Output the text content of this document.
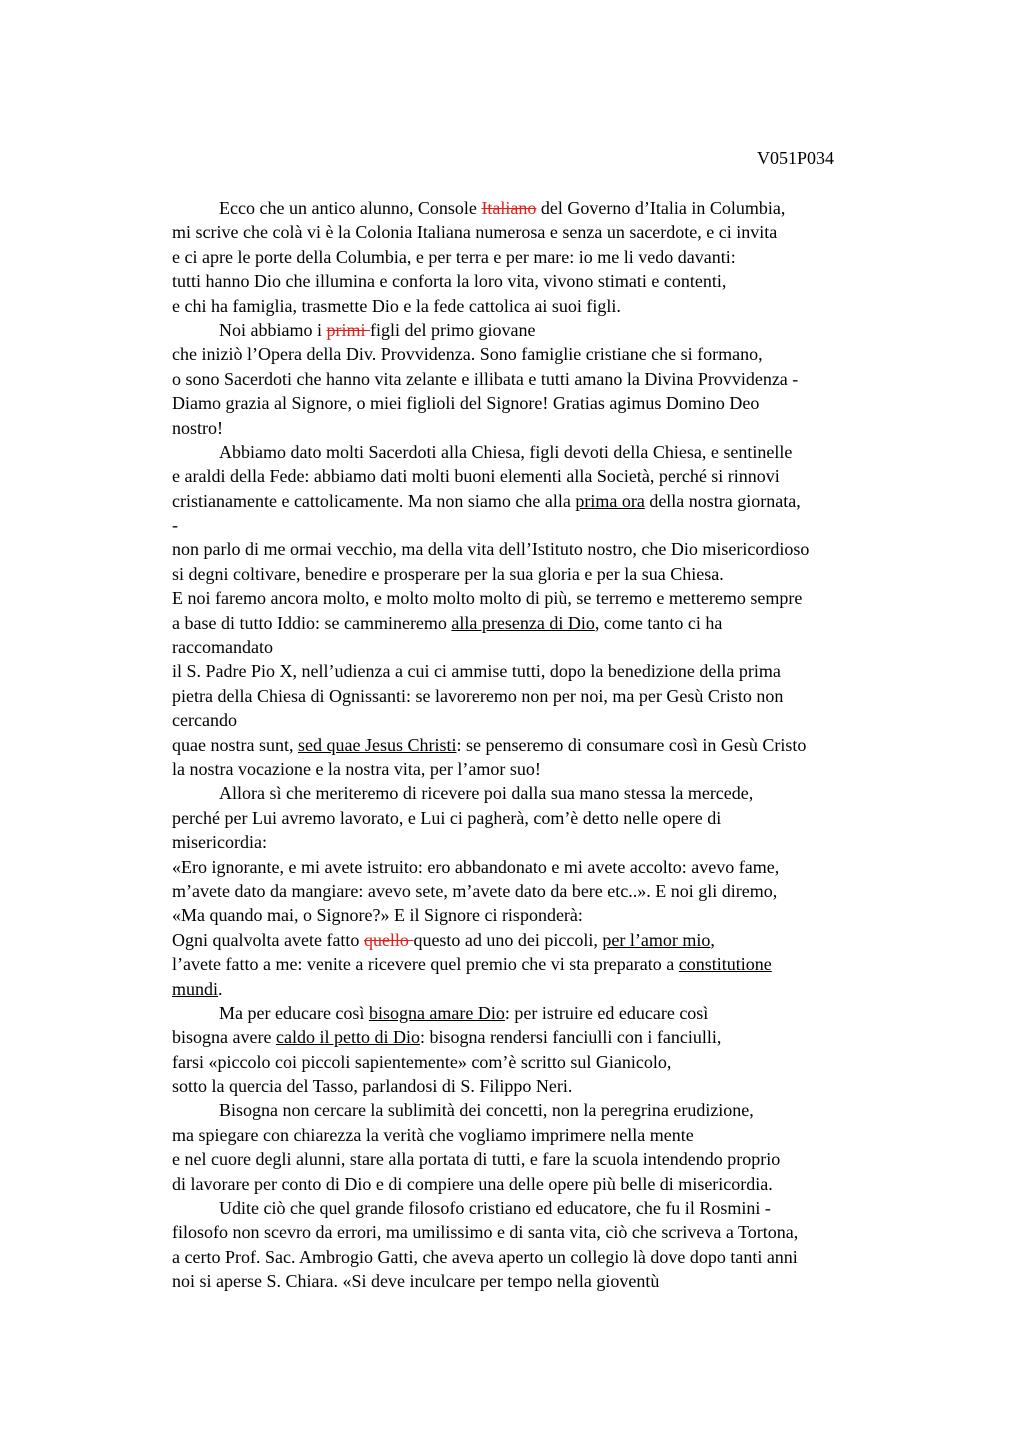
V051P034
Ecco che un antico alunno, Console Italiano del Governo d’Italia in Columbia,
mi scrive che colà vi è la Colonia Italiana numerosa e senza un sacerdote, e ci invita
e ci apre le porte della Columbia, e per terra e per mare: io me li vedo davanti:
tutti hanno Dio che illumina e conforta la loro vita, vivono stimati e contenti,
e chi ha famiglia, trasmette Dio e la fede cattolica ai suoi figli.
Noi abbiamo i primi figli del primo giovane
che iniziò l’Opera della Div. Provvidenza. Sono famiglie cristiane che si formano,
o sono Sacerdoti che hanno vita zelante e illibata e tutti amano la Divina Provvidenza -
Diamo grazia al Signore, o miei figlioli del Signore! Gratias agimus Domino Deo
nostro!
Abbiamo dato molti Sacerdoti alla Chiesa, figli devoti della Chiesa, e sentinelle
e araldi della Fede: abbiamo dati molti buoni elementi alla Società, perché si rinnovi
cristianamente e cattolicamente. Ma non siamo che alla prima ora della nostra giornata,
-
non parlo di me ormai vecchio, ma della vita dell’Istituto nostro, che Dio misericordioso
si degni coltivare, benedire e prosperare per la sua gloria e per la sua Chiesa.
E noi faremo ancora molto, e molto molto molto di più, se terremo e metteremo sempre
a base di tutto Iddio: se cammineremo alla presenza di Dio, come tanto ci ha
raccomandato
il S. Padre Pio X, nell’udienza a cui ci ammise tutti, dopo la benedizione della prima
pietra della Chiesa di Ognissanti: se lavoreremo non per noi, ma per Gesù Cristo non
cercando
quae nostra sunt, sed quae Jesus Christi: se penseremo di consumare così in Gesù Cristo
la nostra vocazione e la nostra vita, per l’amor suo!
Allora sì che meriteremo di ricevere poi dalla sua mano stessa la mercede,
perché per Lui avremo lavorato, e Lui ci pagherà, com’è detto nelle opere di
misericordia:
«Ero ignorante, e mi avete istruito: ero abbandonato e mi avete accolto: avevo fame,
m’avete dato da mangiare: avevo sete, m’avete dato da bere etc..». E noi gli diremo,
«Ma quando mai, o Signore?» E il Signore ci risponderà:
Ogni qualvolta avete fatto quello questo ad uno dei piccoli, per l’amor mio,
l’avete fatto a me: venite a ricevere quel premio che vi sta preparato a constitutione
mundi.
Ma per educare così bisogna amare Dio: per istruire ed educare così
bisogna avere caldo il petto di Dio: bisogna rendersi fanciulli con i fanciulli,
farsi «piccolo coi piccoli sapientemente» com’è scritto sul Gianicolo,
sotto la quercia del Tasso, parlandosi di S. Filippo Neri.
Bisogna non cercare la sublimità dei concetti, non la peregrina erudizione,
ma spiegare con chiarezza la verità che vogliamo imprimere nella mente
e nel cuore degli alunni, stare alla portata di tutti, e fare la scuola intendendo proprio
di lavorare per conto di Dio e di compiere una delle opere più belle di misericordia.
Udite ciò che quel grande filosofo cristiano ed educatore, che fu il Rosmini -
filosofo non scevro da errori, ma umilissimo e di santa vita, ciò che scriveva a Tortona,
a certo Prof. Sac. Ambrogio Gatti, che aveva aperto un collegio là dove dopo tanti anni
noi si aperse S. Chiara. «Si deve inculcare per tempo nella gioventù
